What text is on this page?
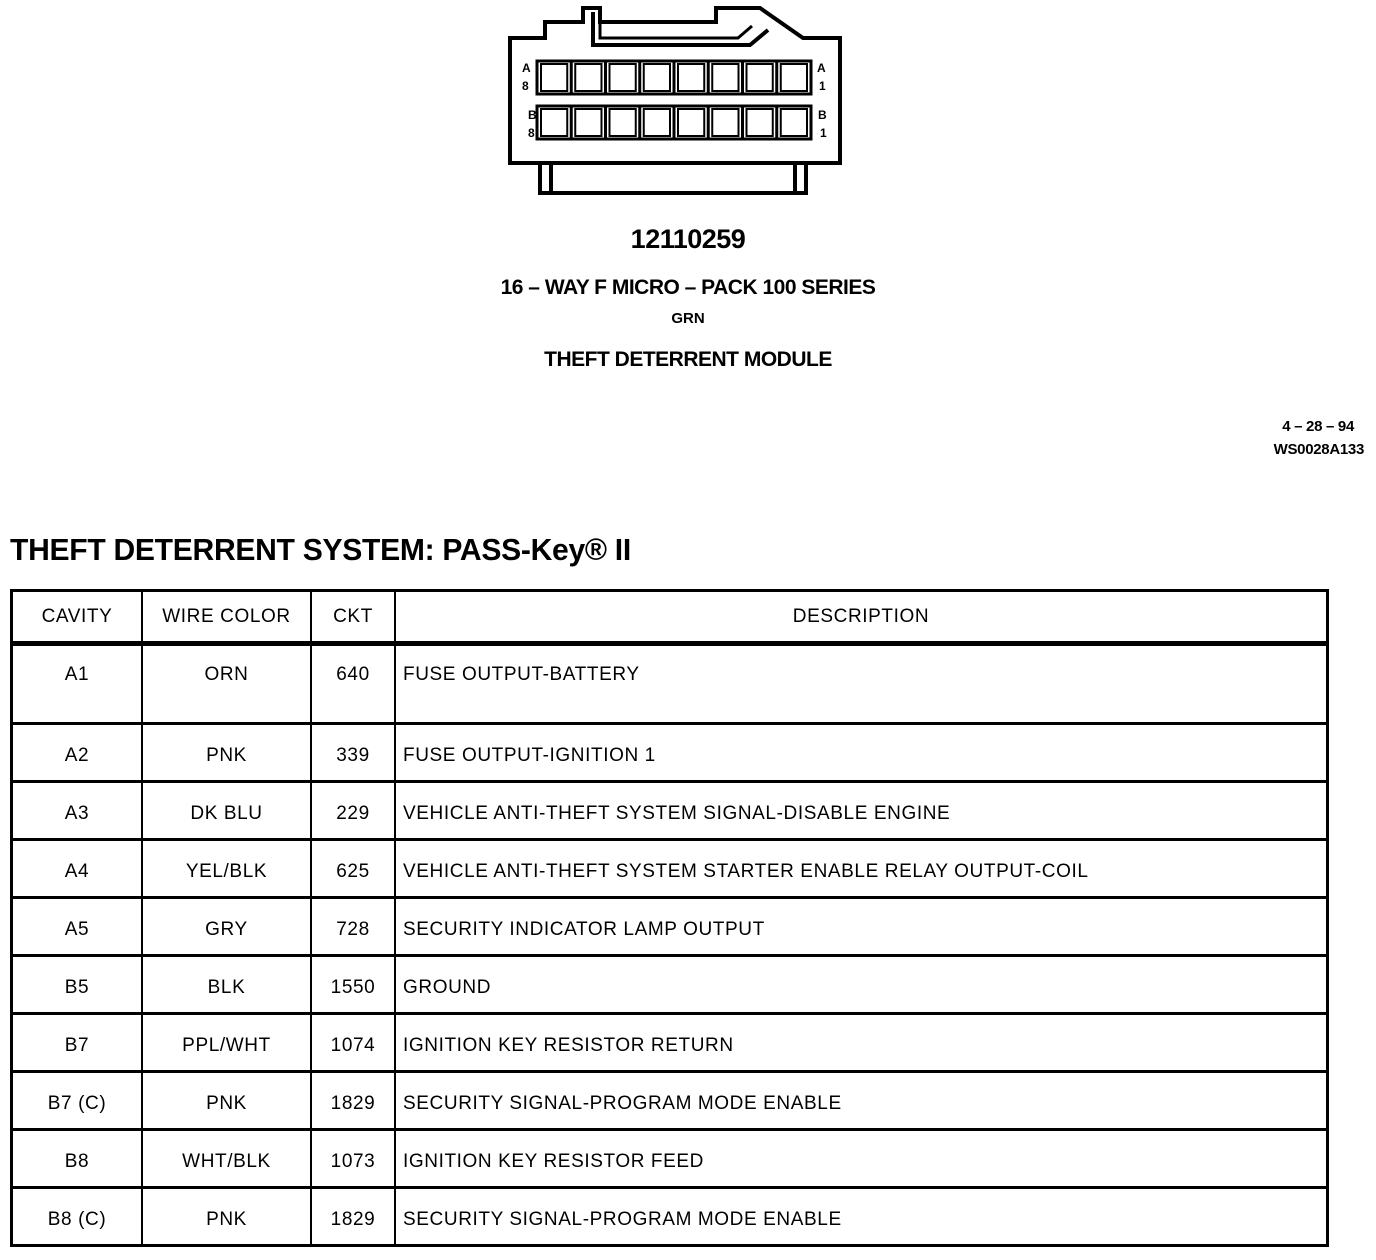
A
8
A
1
B
8
B
1
12110259
16 – WAY F MICRO – PACK 100 SERIES
GRN
THEFT DETERRENT MODULE
4 – 28 – 94
WS0028A133
THEFT DETERRENT SYSTEM: PASS-Key® II
CAVITY	WIRE COLOR	CKT	DESCRIPTION
A1	ORN	640	FUSE OUTPUT-BATTERY
A2	PNK	339	FUSE OUTPUT-IGNITION 1
A3	DK BLU	229	VEHICLE ANTI-THEFT SYSTEM SIGNAL-DISABLE ENGINE
A4	YEL/BLK	625	VEHICLE ANTI-THEFT SYSTEM STARTER ENABLE RELAY OUTPUT-COIL
A5	GRY	728	SECURITY INDICATOR LAMP OUTPUT
B5	BLK	1550	GROUND
B7	PPL/WHT	1074	IGNITION KEY RESISTOR RETURN
B7 (C)	PNK	1829	SECURITY SIGNAL-PROGRAM MODE ENABLE
B8	WHT/BLK	1073	IGNITION KEY RESISTOR FEED
B8 (C)	PNK	1829	SECURITY SIGNAL-PROGRAM MODE ENABLE
